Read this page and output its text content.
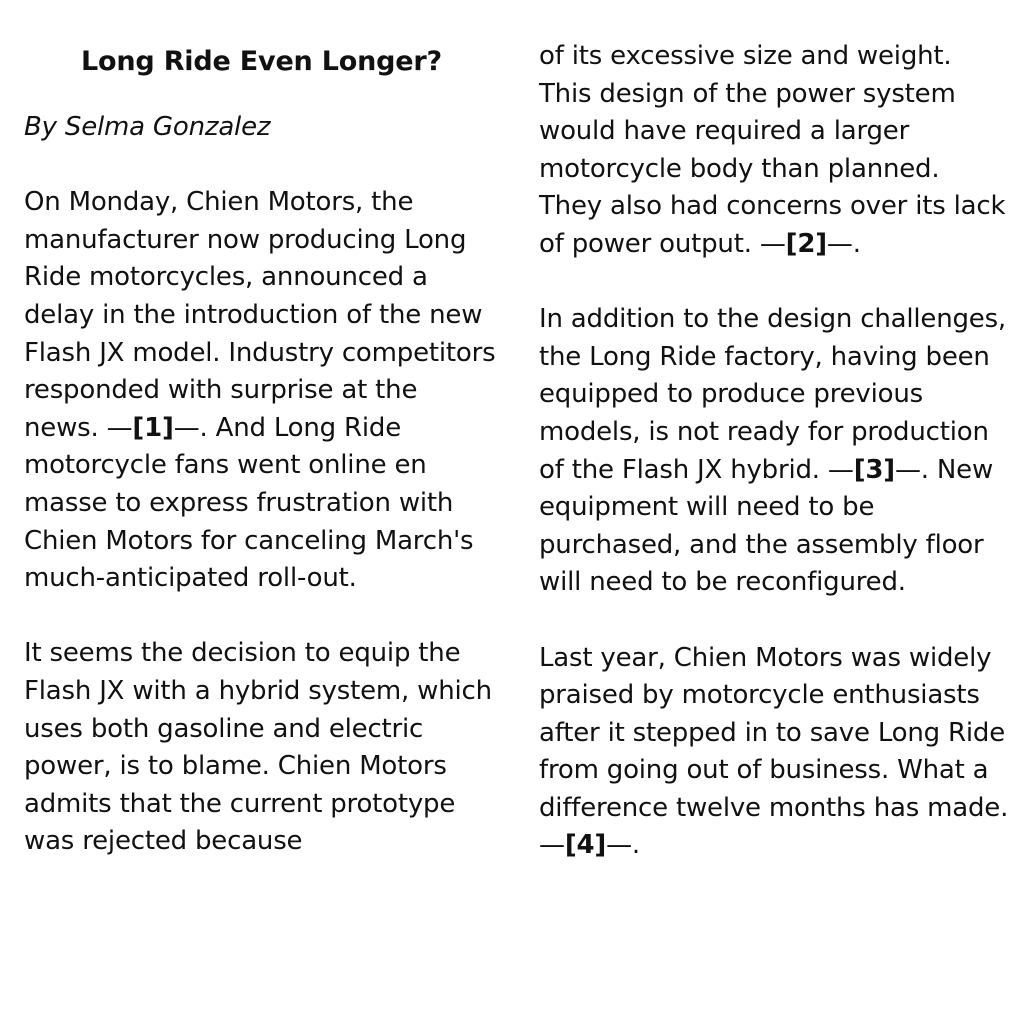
Long Ride Even Longer?

By Selma Gonzalez

On Monday, Chien Motors, the manufacturer now producing Long Ride motorcycles, announced a delay in the introduction of the new Flash JX model. Industry competitors responded with surprise at the news. —[1]—. And Long Ride motorcycle fans went online en masse to express frustration with Chien Motors for canceling March's much-anticipated roll-out.

It seems the decision to equip the Flash JX with a hybrid system, which uses both gasoline and electric power, is to blame. Chien Motors admits that the current prototype was rejected because

of its excessive size and weight. This design of the power system would have required a larger motorcycle body than planned. They also had concerns over its lack of power output. —[2]—.

In addition to the design challenges, the Long Ride factory, having been equipped to produce previous models, is not ready for production of the Flash JX hybrid. —[3]—. New equipment will need to be purchased, and the assembly floor will need to be reconfigured.

Last year, Chien Motors was widely praised by motorcycle enthusiasts after it stepped in to save Long Ride from going out of business. What a difference twelve months has made. —[4]—.
